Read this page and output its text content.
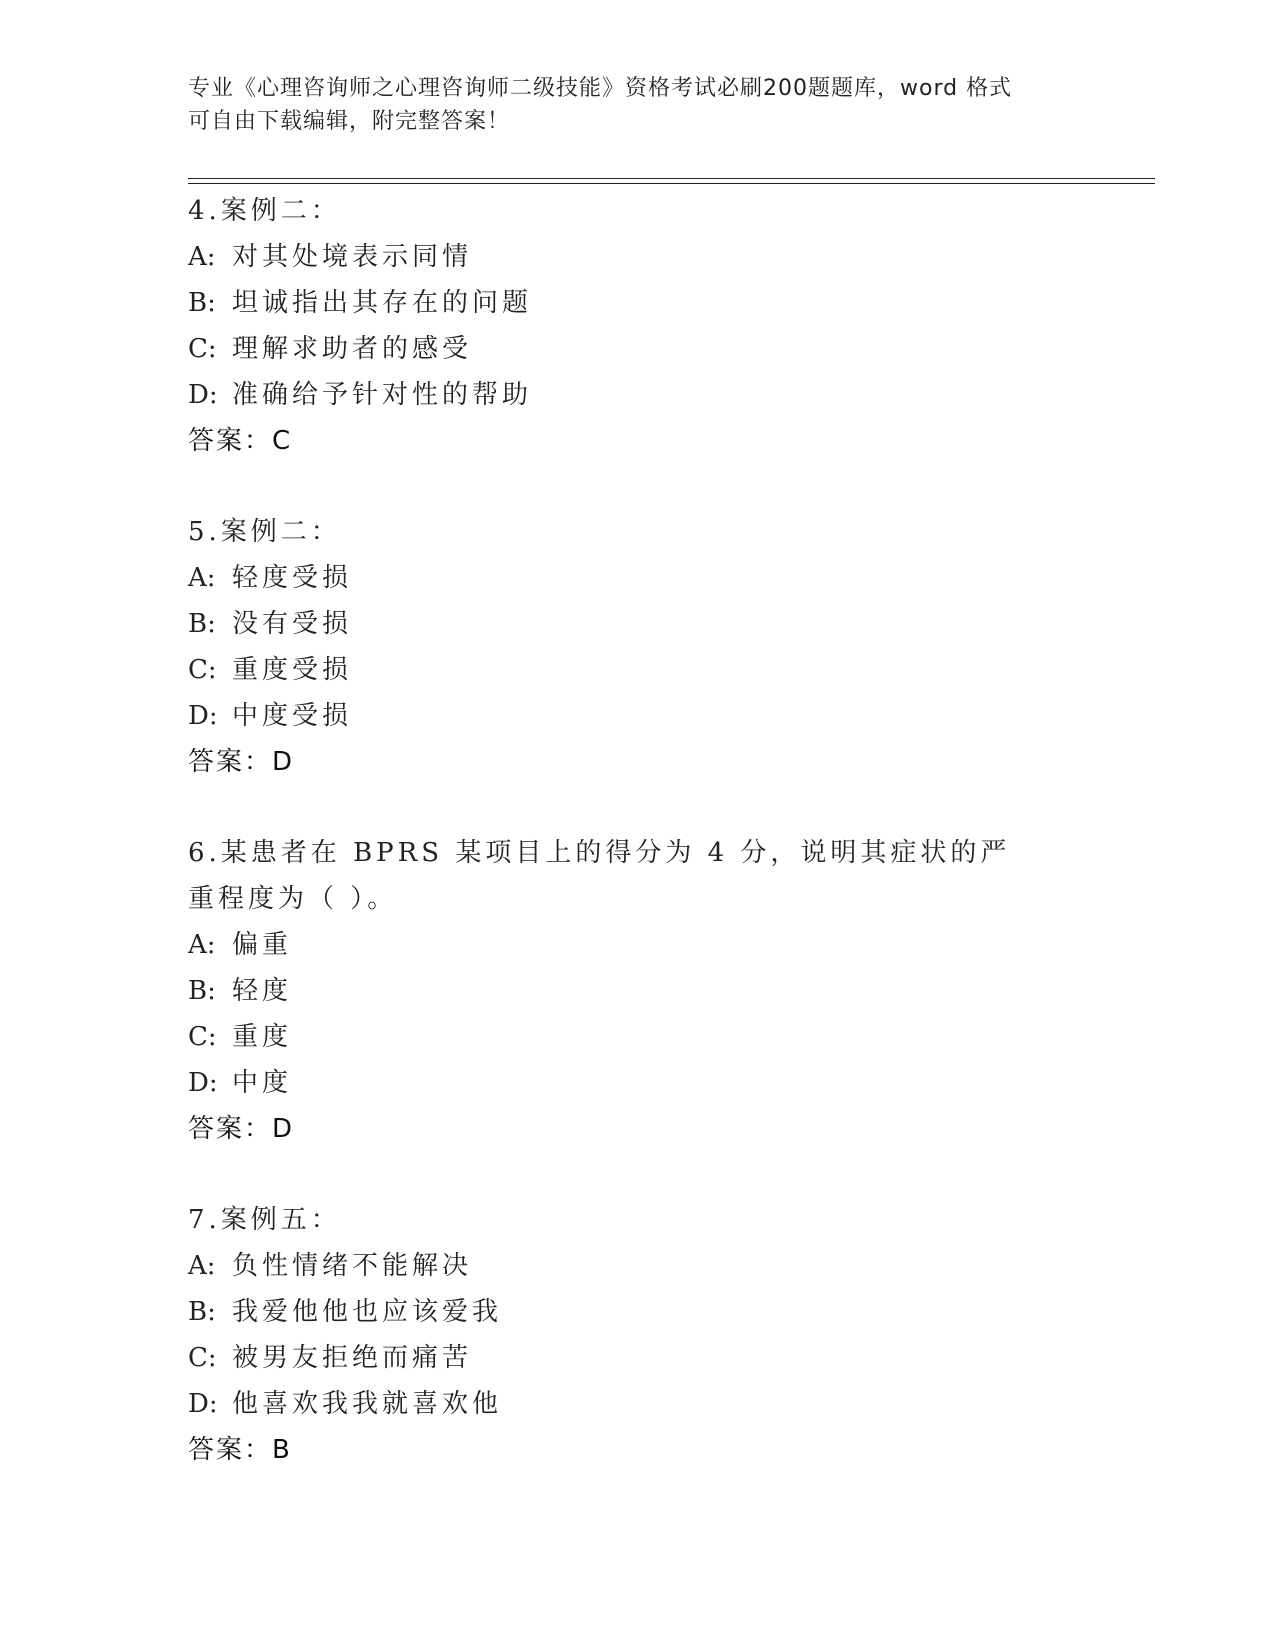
专业《心理咨询师之心理咨询师二级技能》资格考试必刷200题题库，word 格式
可自由下载编辑，附完整答案！
4.案例二：
A: 对其处境表示同情
B: 坦诚指出其存在的问题
C: 理解求助者的感受
D: 准确给予针对性的帮助
答案：C
5.案例二：
A: 轻度受损
B: 没有受损
C: 重度受损
D: 中度受损
答案：D
6.某患者在 BPRS 某项目上的得分为 4 分，说明其症状的严重程度为（ ）。
A: 偏重
B: 轻度
C: 重度
D: 中度
答案：D
7.案例五：
A: 负性情绪不能解决
B: 我爱他他也应该爱我
C: 被男友拒绝而痛苦
D: 他喜欢我我就喜欢他
答案：B
